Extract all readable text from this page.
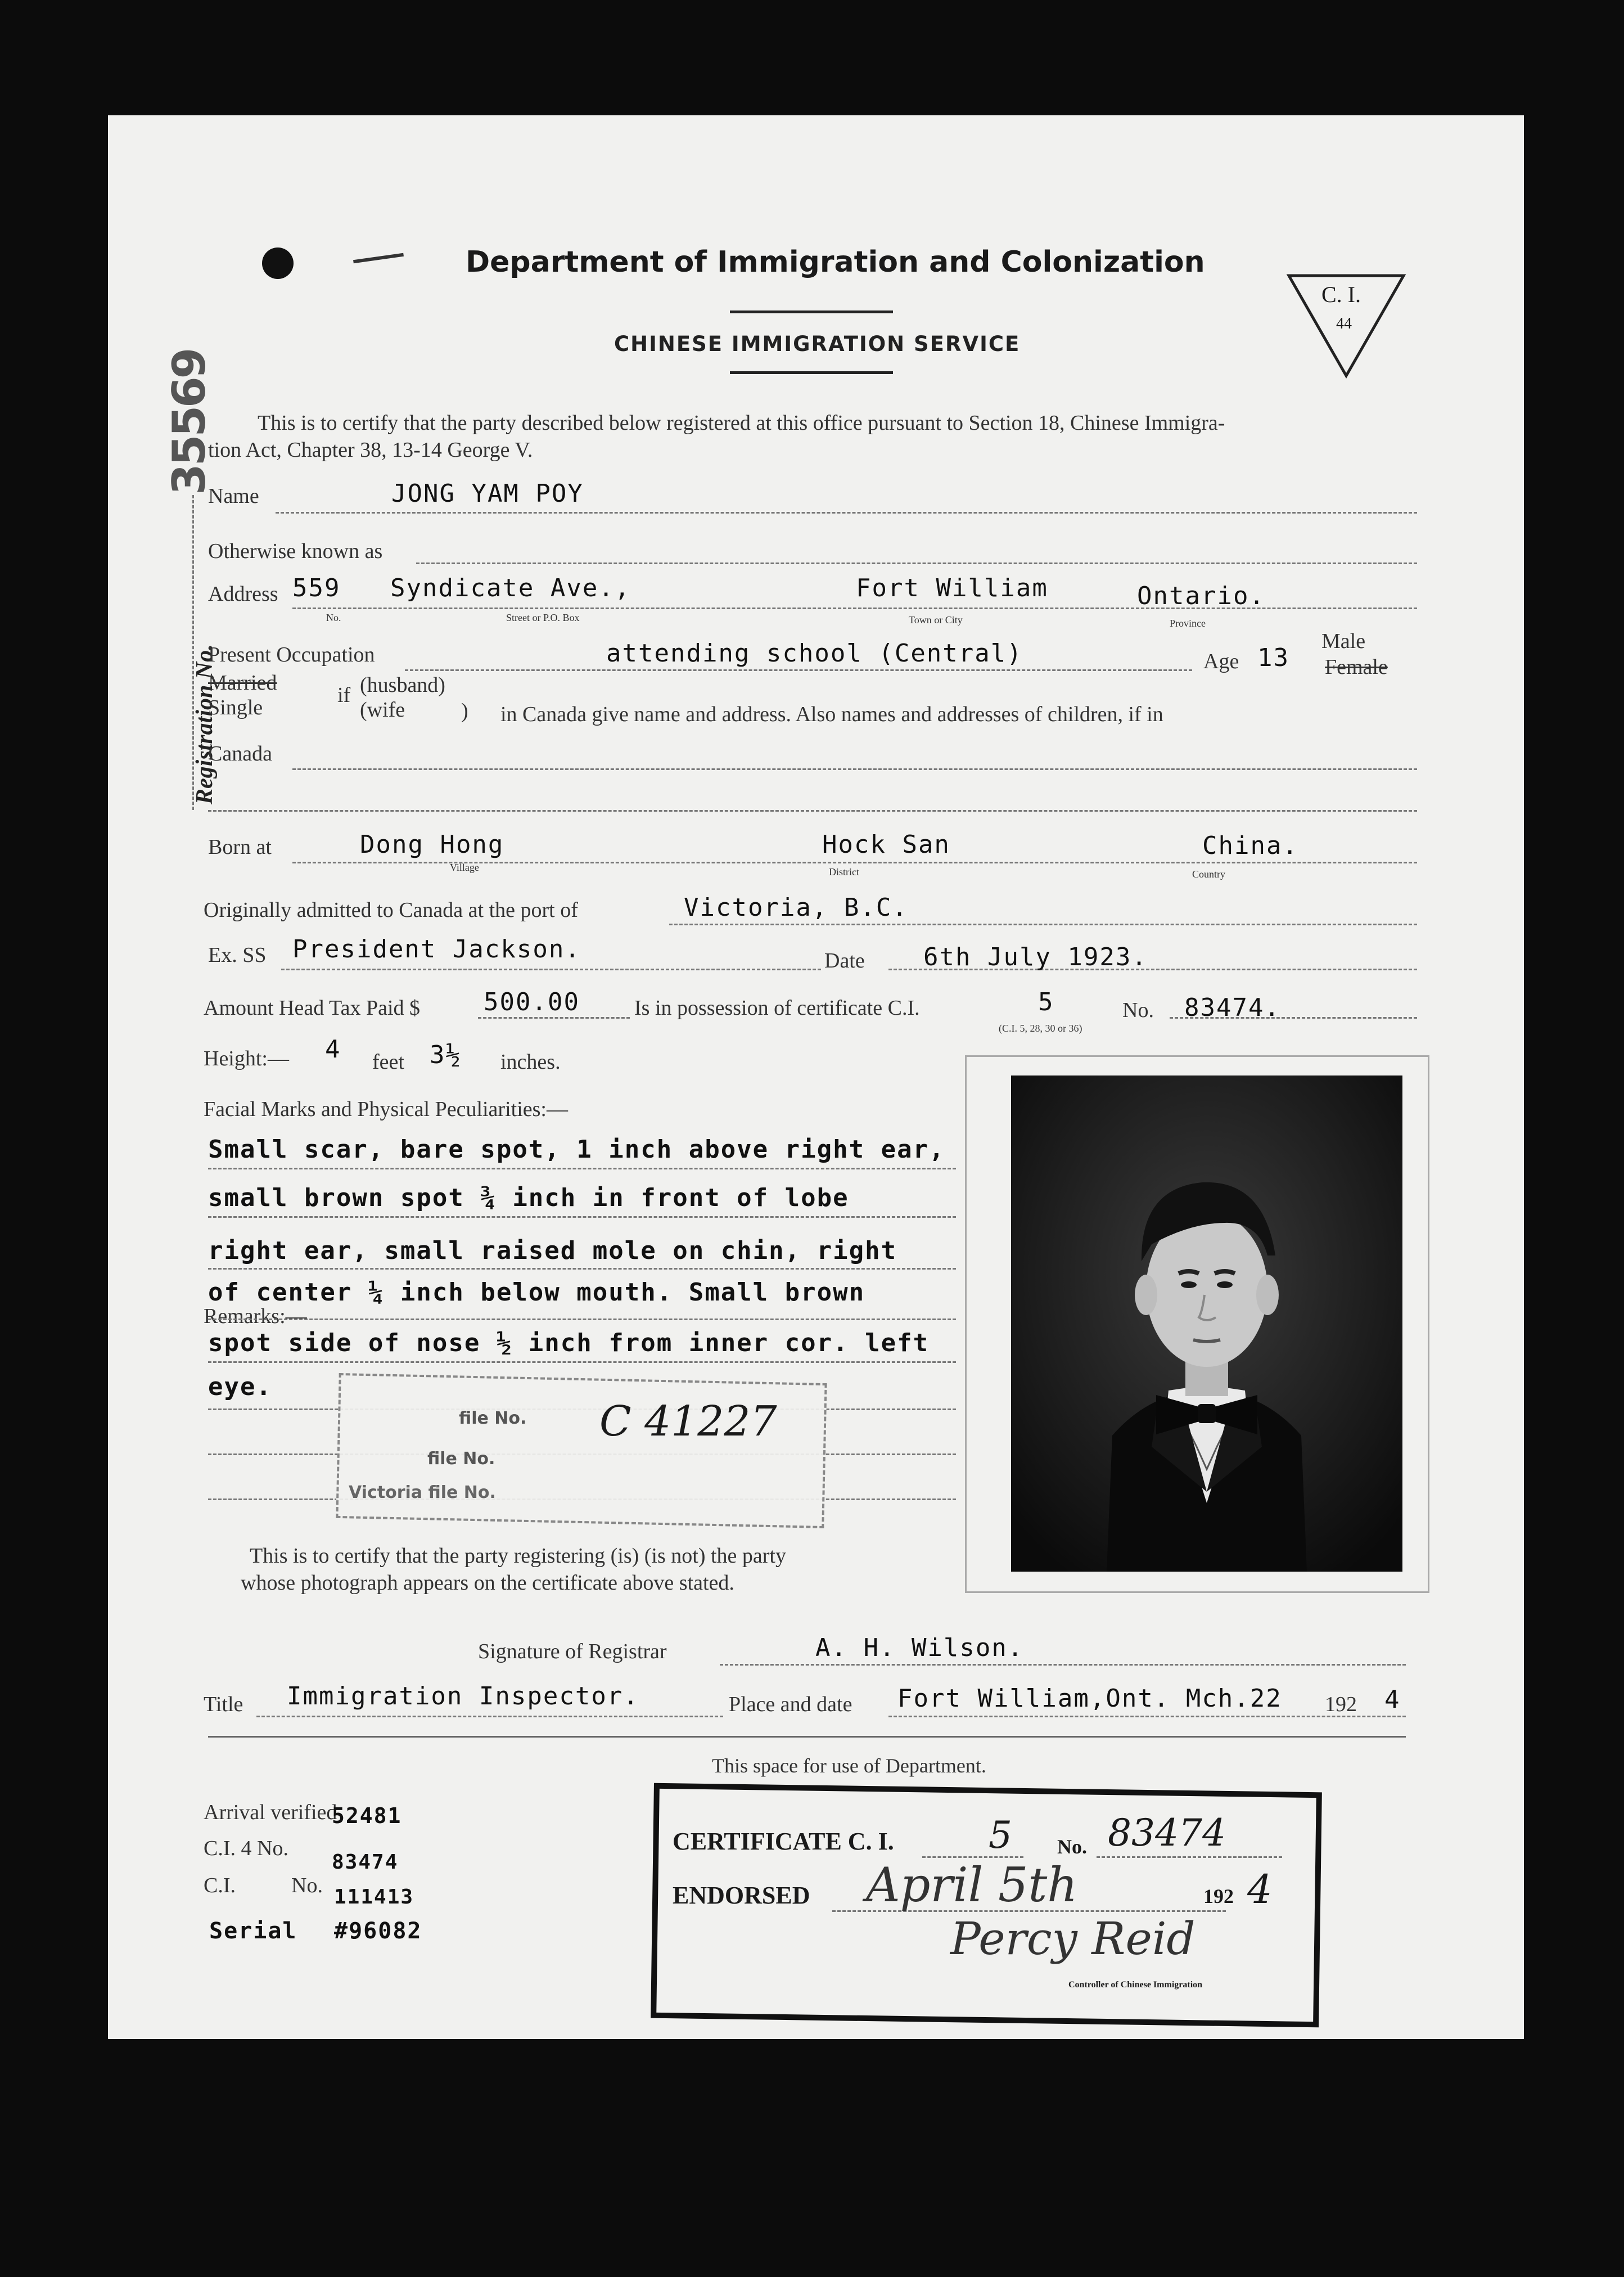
Department of Immigration and Colonization
CHINESE IMMIGRATION SERVICE
C. I.
44
Registration No.
35569 This is to certify that the party described below registered at this office pursuant to Section 18, Chinese Immigra-
tion Act, Chapter 38, 13-14 George V.
Name	JONG YAM POY
Otherwise known as
Address 559 Syndicate Ave.,	Fort William	Ontario.
No.	Street or P.O. Box	Town or City	Province
Present Occupation	attending school (Central)	Age 13
Male
Female
Married
Single
if (husband)
(wife	) in Canada give name and address. Also names and addresses of children, if in
Canada
Born at	Dong Hong	Hock San	China.
Village	District	Country
Originally admitted to Canada at the port of	Victoria, B.C.
Ex. SS President Jackson.	Date 6th July 1923.
Amount Head Tax Paid $	500.00	Is in possession of certificate C.I.	5	No. 83474.
(C.I. 5, 28, 30 or 36)
Height:— 4 feet 3½ inches.
Facial Marks and Physical Peculiarities:—
Small scar, bare spot, 1 inch above right ear,
small brown spot ¾ inch in front of lobe
right ear, small raised mole on chin, right
of center ¼ inch below mouth. Small brown
Remarks:—
spot side of nose ½ inch from inner cor. left
eye.
file No. C 41227
file No.
Victoria file No.
This is to certify that the party registering (is) (is not) the party
whose photograph appears on the certificate above stated.
Signature of Registrar	A. H. Wilson.
Title Immigration Inspector.	Place and date Fort William,Ont. Mch.22 192 4
This space for use of Department.
Arrival verified
52481
C.I. 4 No.
83474
C.I.	No. 111413
Serial #96082
CERTIFICATE C. I.	5 No. 83474
ENDORSED April 5th	192 4
Percy Reid
Controller of Chinese Immigration
